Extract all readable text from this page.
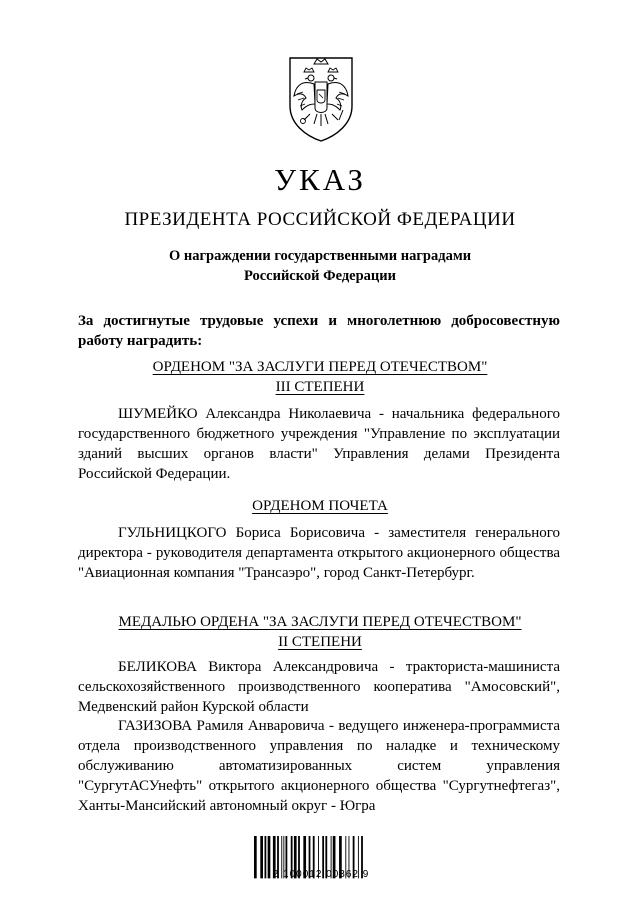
УКАЗ
ПРЕЗИДЕНТА РОССИЙСКОЙ ФЕДЕРАЦИИ
О награждении государственными наградами
Российской Федерации
За достигнутые трудовые успехи и многолетнюю добросовестную работу наградить:
ОРДЕНОМ "ЗА ЗАСЛУГИ ПЕРЕД ОТЕЧЕСТВОМ"
III СТЕПЕНИ
ШУМЕЙКО Александра Николаевича - начальника федерального государственного бюджетного учреждения "Управление по эксплуатации зданий высших органов власти" Управления делами Президента Российской Федерации.
ОРДЕНОМ ПОЧЕТА
ГУЛЬНИЦКОГО Бориса Борисовича - заместителя генерального директора - руководителя департамента открытого акционерного общества "Авиационная компания "Трансаэро", город Санкт-Петербург.
МЕДАЛЬЮ ОРДЕНА "ЗА ЗАСЛУГИ ПЕРЕД ОТЕЧЕСТВОМ"
II СТЕПЕНИ
БЕЛИКОВА Виктора Александровича - тракториста-машиниста сельскохозяйственного производственного кооператива "Амосовский", Медвенский район Курской области
ГАЗИЗОВА Рамиля Анваровича - ведущего инженера-программиста отдела производственного управления по наладке и техническому обслуживанию автоматизированных систем управления "СургутАСУнефть" открытого акционерного общества "Сургутнефтегаз", Ханты-Мансийский автономный округ - Югра
2 100012 00362 9
